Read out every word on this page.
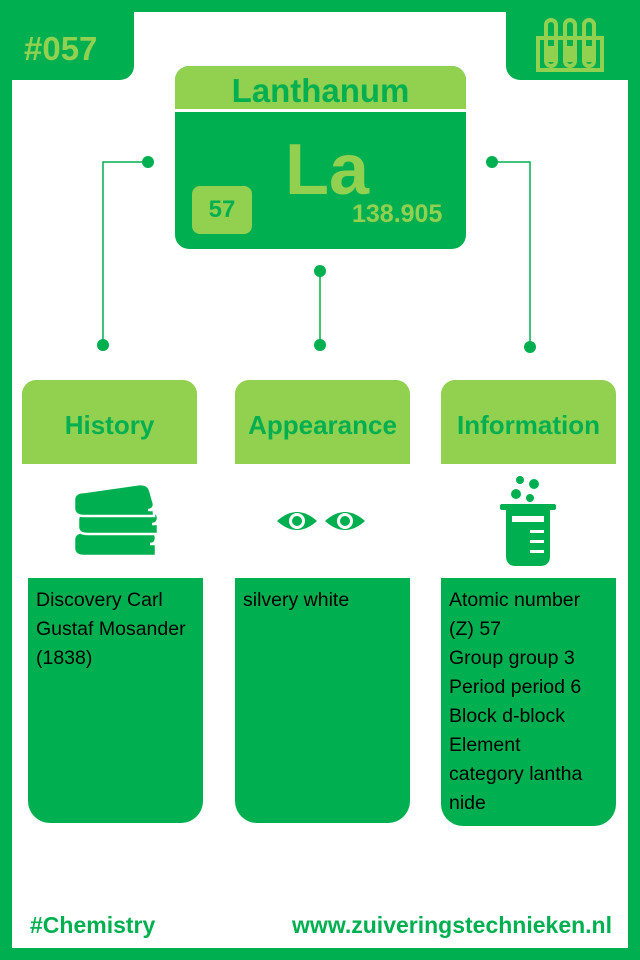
#057
Lanthanum
La
57	138.905
History

Discovery Carl

Gustaf Mosander

(1838)

Appearance

silvery white

Information

Atomic number

(Z) 57

Group group 3

Period period 6

Block d-block

Element

category lantha

nide

#Chemistry	www.zuiveringstechnieken.nl
